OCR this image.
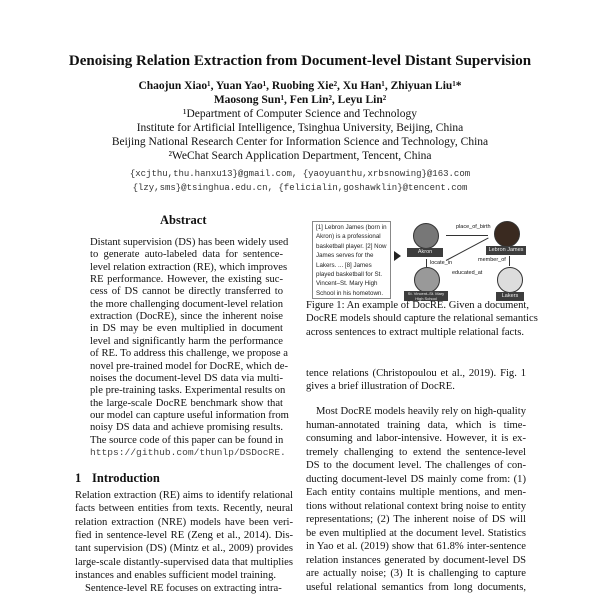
Denoising Relation Extraction from Document-level Distant Supervision
Chaojun Xiao¹, Yuan Yao¹, Ruobing Xie², Xu Han¹, Zhiyuan Liu¹*
Maosong Sun¹, Fen Lin², Leyu Lin²
¹Department of Computer Science and Technology
Institute for Artificial Intelligence, Tsinghua University, Beijing, China
Beijing National Research Center for Information Science and Technology, China
²WeChat Search Application Department, Tencent, China
{xcjthu,thu.hanxu13}@gmail.com, {yaoyuanthu,xrbsnowing}@163.com
{lzy,sms}@tsinghua.edu.cn, {felicialin,goshawklin}@tencent.com
Abstract
Distant supervision (DS) has been widely used
to generate auto-labeled data for sentence-
level relation extraction (RE), which improves
RE performance. However, the existing suc-
cess of DS cannot be directly transferred to
the more challenging document-level relation
extraction (DocRE), since the inherent noise
in DS may be even multiplied in document
level and significantly harm the performance
of RE. To address this challenge, we propose a
novel pre-trained model for DocRE, which de-
noises the document-level DS data via multi-
ple pre-training tasks. Experimental results on
the large-scale DocRE benchmark show that
our model can capture useful information from
noisy DS data and achieve promising results.
The source code of this paper can be found in
https://github.com/thunlp/DSDocRE.
1 Introduction
Relation extraction (RE) aims to identify relational
facts between entities from texts. Recently, neural
relation extraction (NRE) models have been veri-
fied in sentence-level RE (Zeng et al., 2014). Dis-
tant supervision (DS) (Mintz et al., 2009) provides
large-scale distantly-supervised data that multiplies
instances and enables sufficient model training.
Sentence-level RE focuses on extracting intra-
[1] Lebron James (born in Akron) is a professional basketball player. [2] Now James serves for the Lakers. ... [8] James played basketball for St. Vincent–St. Mary High School in his hometown.
Akron	Lebron James
St. Vincent–St. Mary High School	Lakers
place_of_birth
locate_in
educated_at
member_of
Figure 1: An example of DocRE. Given a document,
DocRE models should capture the relational semantics
across sentences to extract multiple relational facts.
tence relations (Christopoulou et al., 2019). Fig. 1
gives a brief illustration of DocRE.
Most DocRE models heavily rely on high-quality
human-annotated training data, which is time-
consuming and labor-intensive. However, it is ex-
tremely challenging to extend the sentence-level
DS to the document level. The challenges of con-
ducting document-level DS mainly come from: (1)
Each entity contains multiple mentions, and men-
tions without relational context bring noise to entity
representations; (2) The inherent noise of DS will
be even multiplied at the document level. Statistics
in Yao et al. (2019) show that 61.8% inter-sentence
relation instances generated by document-level DS
are actually noise; (3) It is challenging to capture
useful relational semantics from long documents,
